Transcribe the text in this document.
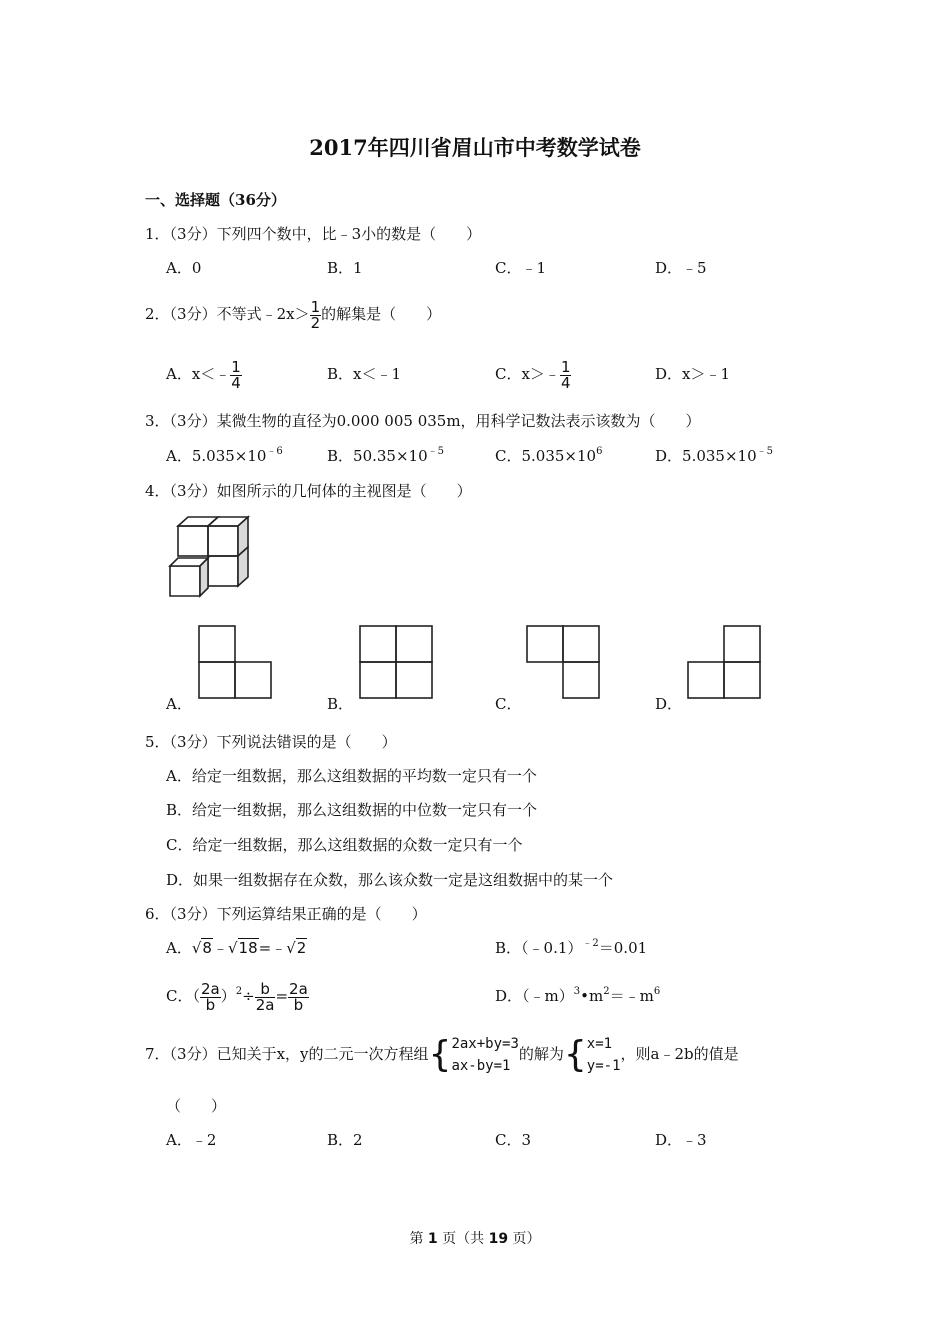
2017年四川省眉山市中考数学试卷
一、选择题（36分）
1．（3分）下列四个数中，比﹣3小的数是（　　）
A．0	B．1	C．﹣1	D．﹣5
2．（3分）不等式﹣2x＞ $\frac{1}{2}$ 的解集是（　　）
A．x＜﹣ $\frac{1}{4}$	B．x＜﹣1	C．x＞﹣ $\frac{1}{4}$	D．x＞﹣1
3．（3分）某微生物的直径为0.000 005 035m，用科学记数法表示该数为（　　）
A．$5.035\times 10^{﹣6}$	B．$50.35\times 10^{﹣5}$	C．$5.035\times 10^6$	D．$5.035\times 10^{﹣5}$
4．（3分）如图所示的几何体的主视图是（　　）
A．	B．	C．	D．
5．（3分）下列说法错误的是（　　）
A．给定一组数据，那么这组数据的平均数一定只有一个
B．给定一组数据，那么这组数据的中位数一定只有一个
C．给定一组数据，那么这组数据的众数一定只有一个
D．如果一组数据存在众数，那么该众数一定是这组数据中的某一个
6．（3分）下列运算结果正确的是（　　）
A．√8﹣√18=﹣√2	B．（﹣0.1）$^{﹣2}$＝0.01
C．（ $\frac{2a}{b} )^2\div \frac{b}{2a} = \frac{2a}{b}$	D．$(﹣m)^3•m^2=﹣m^6$
7．（3分）已知关于x，y的二元一次方程组{ 2ax+by=3
ax-by=1
的解为{ x=1
y=-1
，则a﹣2b的值是
（　　）
A．﹣2	B．2	C．3	D．﹣3
第 1 页（共 19 页）
